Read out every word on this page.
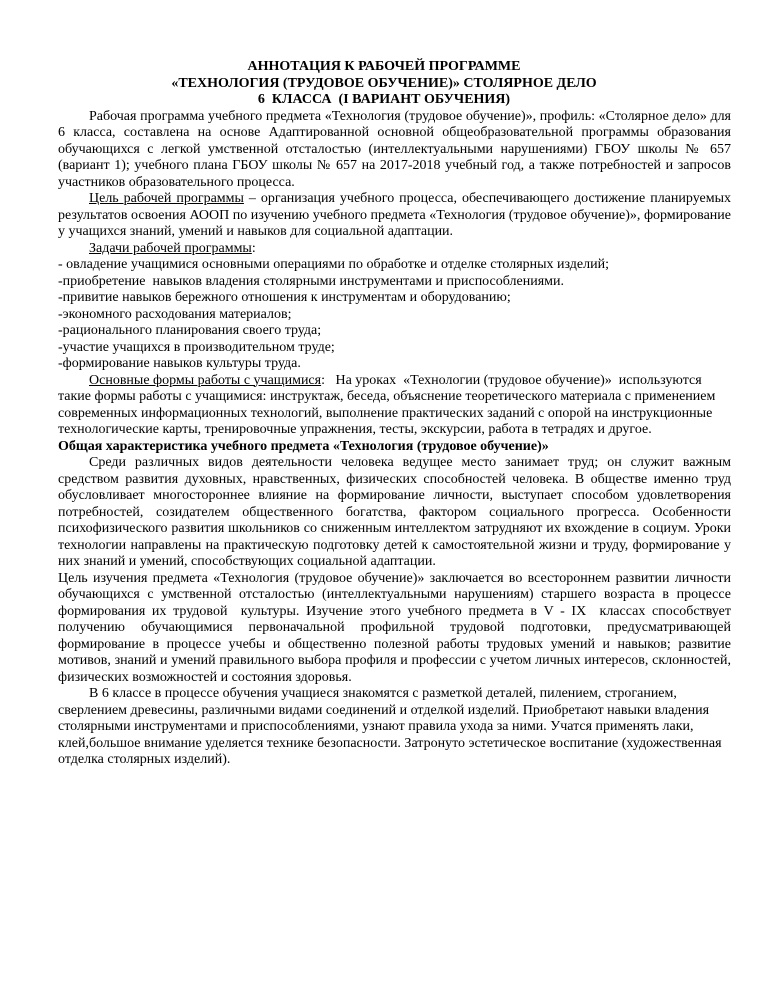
АННОТАЦИЯ К РАБОЧЕЙ ПРОГРАММЕ
«ТЕХНОЛОГИЯ (ТРУДОВОЕ ОБУЧЕНИЕ)» СТОЛЯРНОЕ ДЕЛО
6  КЛАССА  (I ВАРИАНТ ОБУЧЕНИЯ)

Рабочая программа учебного предмета «Технология (трудовое обучение)», профиль: «Столярное дело» для 6 класса, составлена на основе Адаптированной основной общеобразовательной программы образования обучающихся с легкой умственной отсталостью (интеллектуальными нарушениями) ГБОУ школы № 657 (вариант 1); учебного плана ГБОУ школы № 657 на 2017-2018 учебный год, а также потребностей и запросов участников образовательного процесса.

Цель рабочей программы – организация учебного процесса, обеспечивающего достижение планируемых результатов освоения АООП по изучению учебного предмета «Технология (трудовое обучение)», формирование у учащихся знаний, умений и навыков для социальной адаптации.

Задачи рабочей программы:

- овладение учащимися основными операциями по обработке и отделке столярных изделий;

-приобретение  навыков владения столярными инструментами и приспособлениями.

-привитие навыков бережного отношения к инструментам и оборудованию;

-экономного расходования материалов;

-рационального планирования своего труда;

-участие учащихся в производительном труде;

-формирование навыков культуры труда.

Основные формы работы с учащимися:   На уроках  «Технологии (трудовое обучение)»  используются такие формы работы с учащимися: инструктаж, беседа, объяснение теоретического материала с применением современных информационных технологий, выполнение практических заданий с опорой на инструкционные технологические карты, тренировочные упражнения, тесты, экскурсии, работа в тетрадях и другое.

Общая характеристика учебного предмета «Технология (трудовое обучение)»

Среди различных видов деятельности человека ведущее место занимает труд; он служит важным средством развития духовных, нравственных, физических способностей человека. В обществе именно труд обусловливает многостороннее влияние на формирование личности, выступает способом удовлетворения потребностей, созидателем общественного богатства, фактором социального прогресса. Особенности психофизического развития школьников со сниженным интеллектом затрудняют их вхождение в социум. Уроки технологии направлены на практическую подготовку детей к самостоятельной жизни и труду, формирование у них знаний и умений, способствующих социальной адаптации.

Цель изучения предмета «Технология (трудовое обучение)» заключается во всестороннем развитии личности обучающихся с умственной отсталостью (интеллектуальными нарушениям) старшего возраста в процессе формирования их трудовой  культуры. Изучение этого учебного предмета в V - IX  классах способствует получению обучающимися первоначальной профильной трудовой подготовки, предусматривающей формирование в процессе учебы и общественно полезной работы трудовых умений и навыков; развитие мотивов, знаний и умений правильного выбора профиля и профессии с учетом личных интересов, склонностей, физических возможностей и состояния здоровья.

В 6 классе в процессе обучения учащиеся знакомятся с разметкой деталей, пилением, строганием, сверлением древесины, различными видами соединений и отделкой изделий. Приобретают навыки владения столярными инструментами и приспособлениями, узнают правила ухода за ними. Учатся применять лаки, клей,большое внимание уделяется технике безопасности. Затронуто эстетическое воспитание (художественная отделка столярных изделий).
